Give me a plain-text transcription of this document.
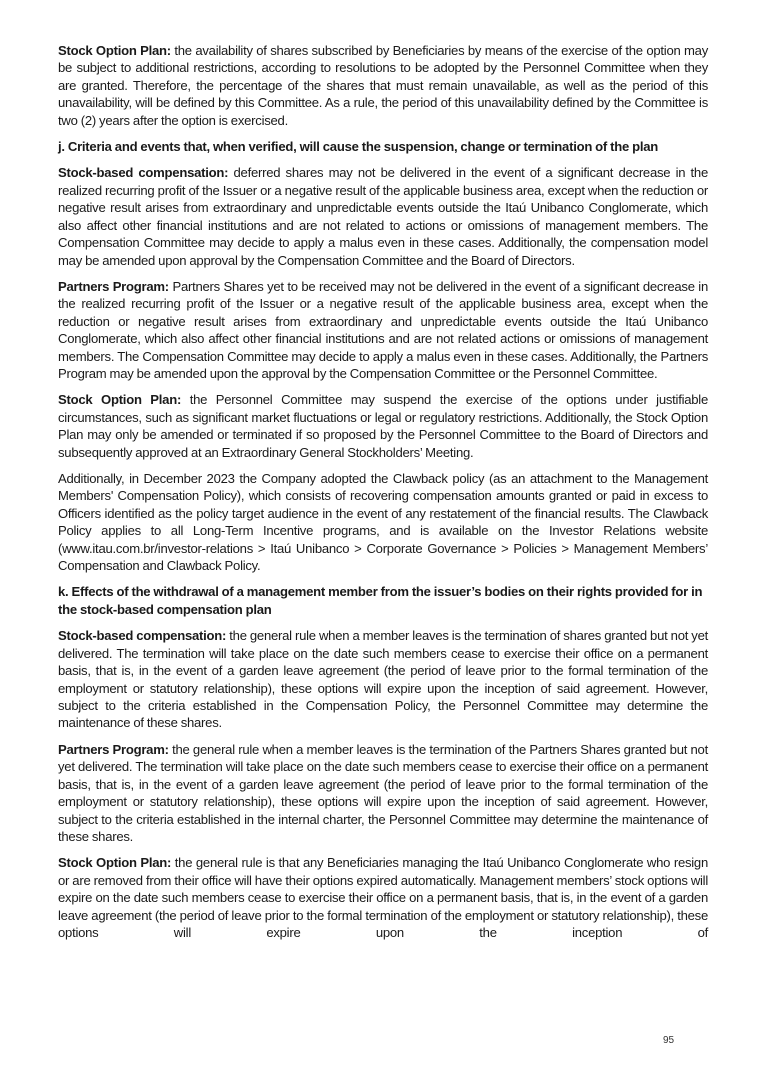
Stock Option Plan: the availability of shares subscribed by Beneficiaries by means of the exercise of the option may be subject to additional restrictions, according to resolutions to be adopted by the Personnel Committee when they are granted. Therefore, the percentage of the shares that must remain unavailable, as well as the period of this unavailability, will be defined by this Committee. As a rule, the period of this unavailability defined by the Committee is two (2) years after the option is exercised.

j. Criteria and events that, when verified, will cause the suspension, change or termination of the plan

Stock-based compensation: deferred shares may not be delivered in the event of a significant decrease in the realized recurring profit of the Issuer or a negative result of the applicable business area, except when the reduction or negative result arises from extraordinary and unpredictable events outside the Itaú Unibanco Conglomerate, which also affect other financial institutions and are not related to actions or omissions of management members. The Compensation Committee may decide to apply a malus even in these cases. Additionally, the compensation model may be amended upon approval by the Compensation Committee and the Board of Directors.

Partners Program: Partners Shares yet to be received may not be delivered in the event of a significant decrease in the realized recurring profit of the Issuer or a negative result of the applicable business area, except when the reduction or negative result arises from extraordinary and unpredictable events outside the Itaú Unibanco Conglomerate, which also affect other financial institutions and are not related actions or omissions of management members. The Compensation Committee may decide to apply a malus even in these cases. Additionally, the Partners Program may be amended upon the approval by the Compensation Committee or the Personnel Committee.

Stock Option Plan: the Personnel Committee may suspend the exercise of the options under justifiable circumstances, such as significant market fluctuations or legal or regulatory restrictions. Additionally, the Stock Option Plan may only be amended or terminated if so proposed by the Personnel Committee to the Board of Directors and subsequently approved at an Extraordinary General Stockholders’ Meeting.

Additionally, in December 2023 the Company adopted the Clawback policy (as an attachment to the Management Members' Compensation Policy), which consists of recovering compensation amounts granted or paid in excess to Officers identified as the policy target audience in the event of any restatement of the financial results. The Clawback Policy applies to all Long-Term Incentive programs, and is available on the Investor Relations website (www.itau.com.br/investor-relations > Itaú Unibanco > Corporate Governance > Policies > Management Members’ Compensation and Clawback Policy.

k. Effects of the withdrawal of a management member from the issuer’s bodies on their rights provided for in the stock-based compensation plan

Stock-based compensation: the general rule when a member leaves is the termination of shares granted but not yet delivered. The termination will take place on the date such members cease to exercise their office on a permanent basis, that is, in the event of a garden leave agreement (the period of leave prior to the formal termination of the employment or statutory relationship), these options will expire upon the inception of said agreement. However, subject to the criteria established in the Compensation Policy, the Personnel Committee may determine the maintenance of these shares.

Partners Program: the general rule when a member leaves is the termination of the Partners Shares granted but not yet delivered. The termination will take place on the date such members cease to exercise their office on a permanent basis, that is, in the event of a garden leave agreement (the period of leave prior to the formal termination of the employment or statutory relationship), these options will expire upon the inception of said agreement. However, subject to the criteria established in the internal charter, the Personnel Committee may determine the maintenance of these shares.

Stock Option Plan: the general rule is that any Beneficiaries managing the Itaú Unibanco Conglomerate who resign or are removed from their office will have their options expired automatically. Management members’ stock options will expire on the date such members cease to exercise their office on a permanent basis, that is, in the event of a garden leave agreement (the period of leave prior to the formal termination of the employment or statutory relationship), these options will expire upon the inception of

95
